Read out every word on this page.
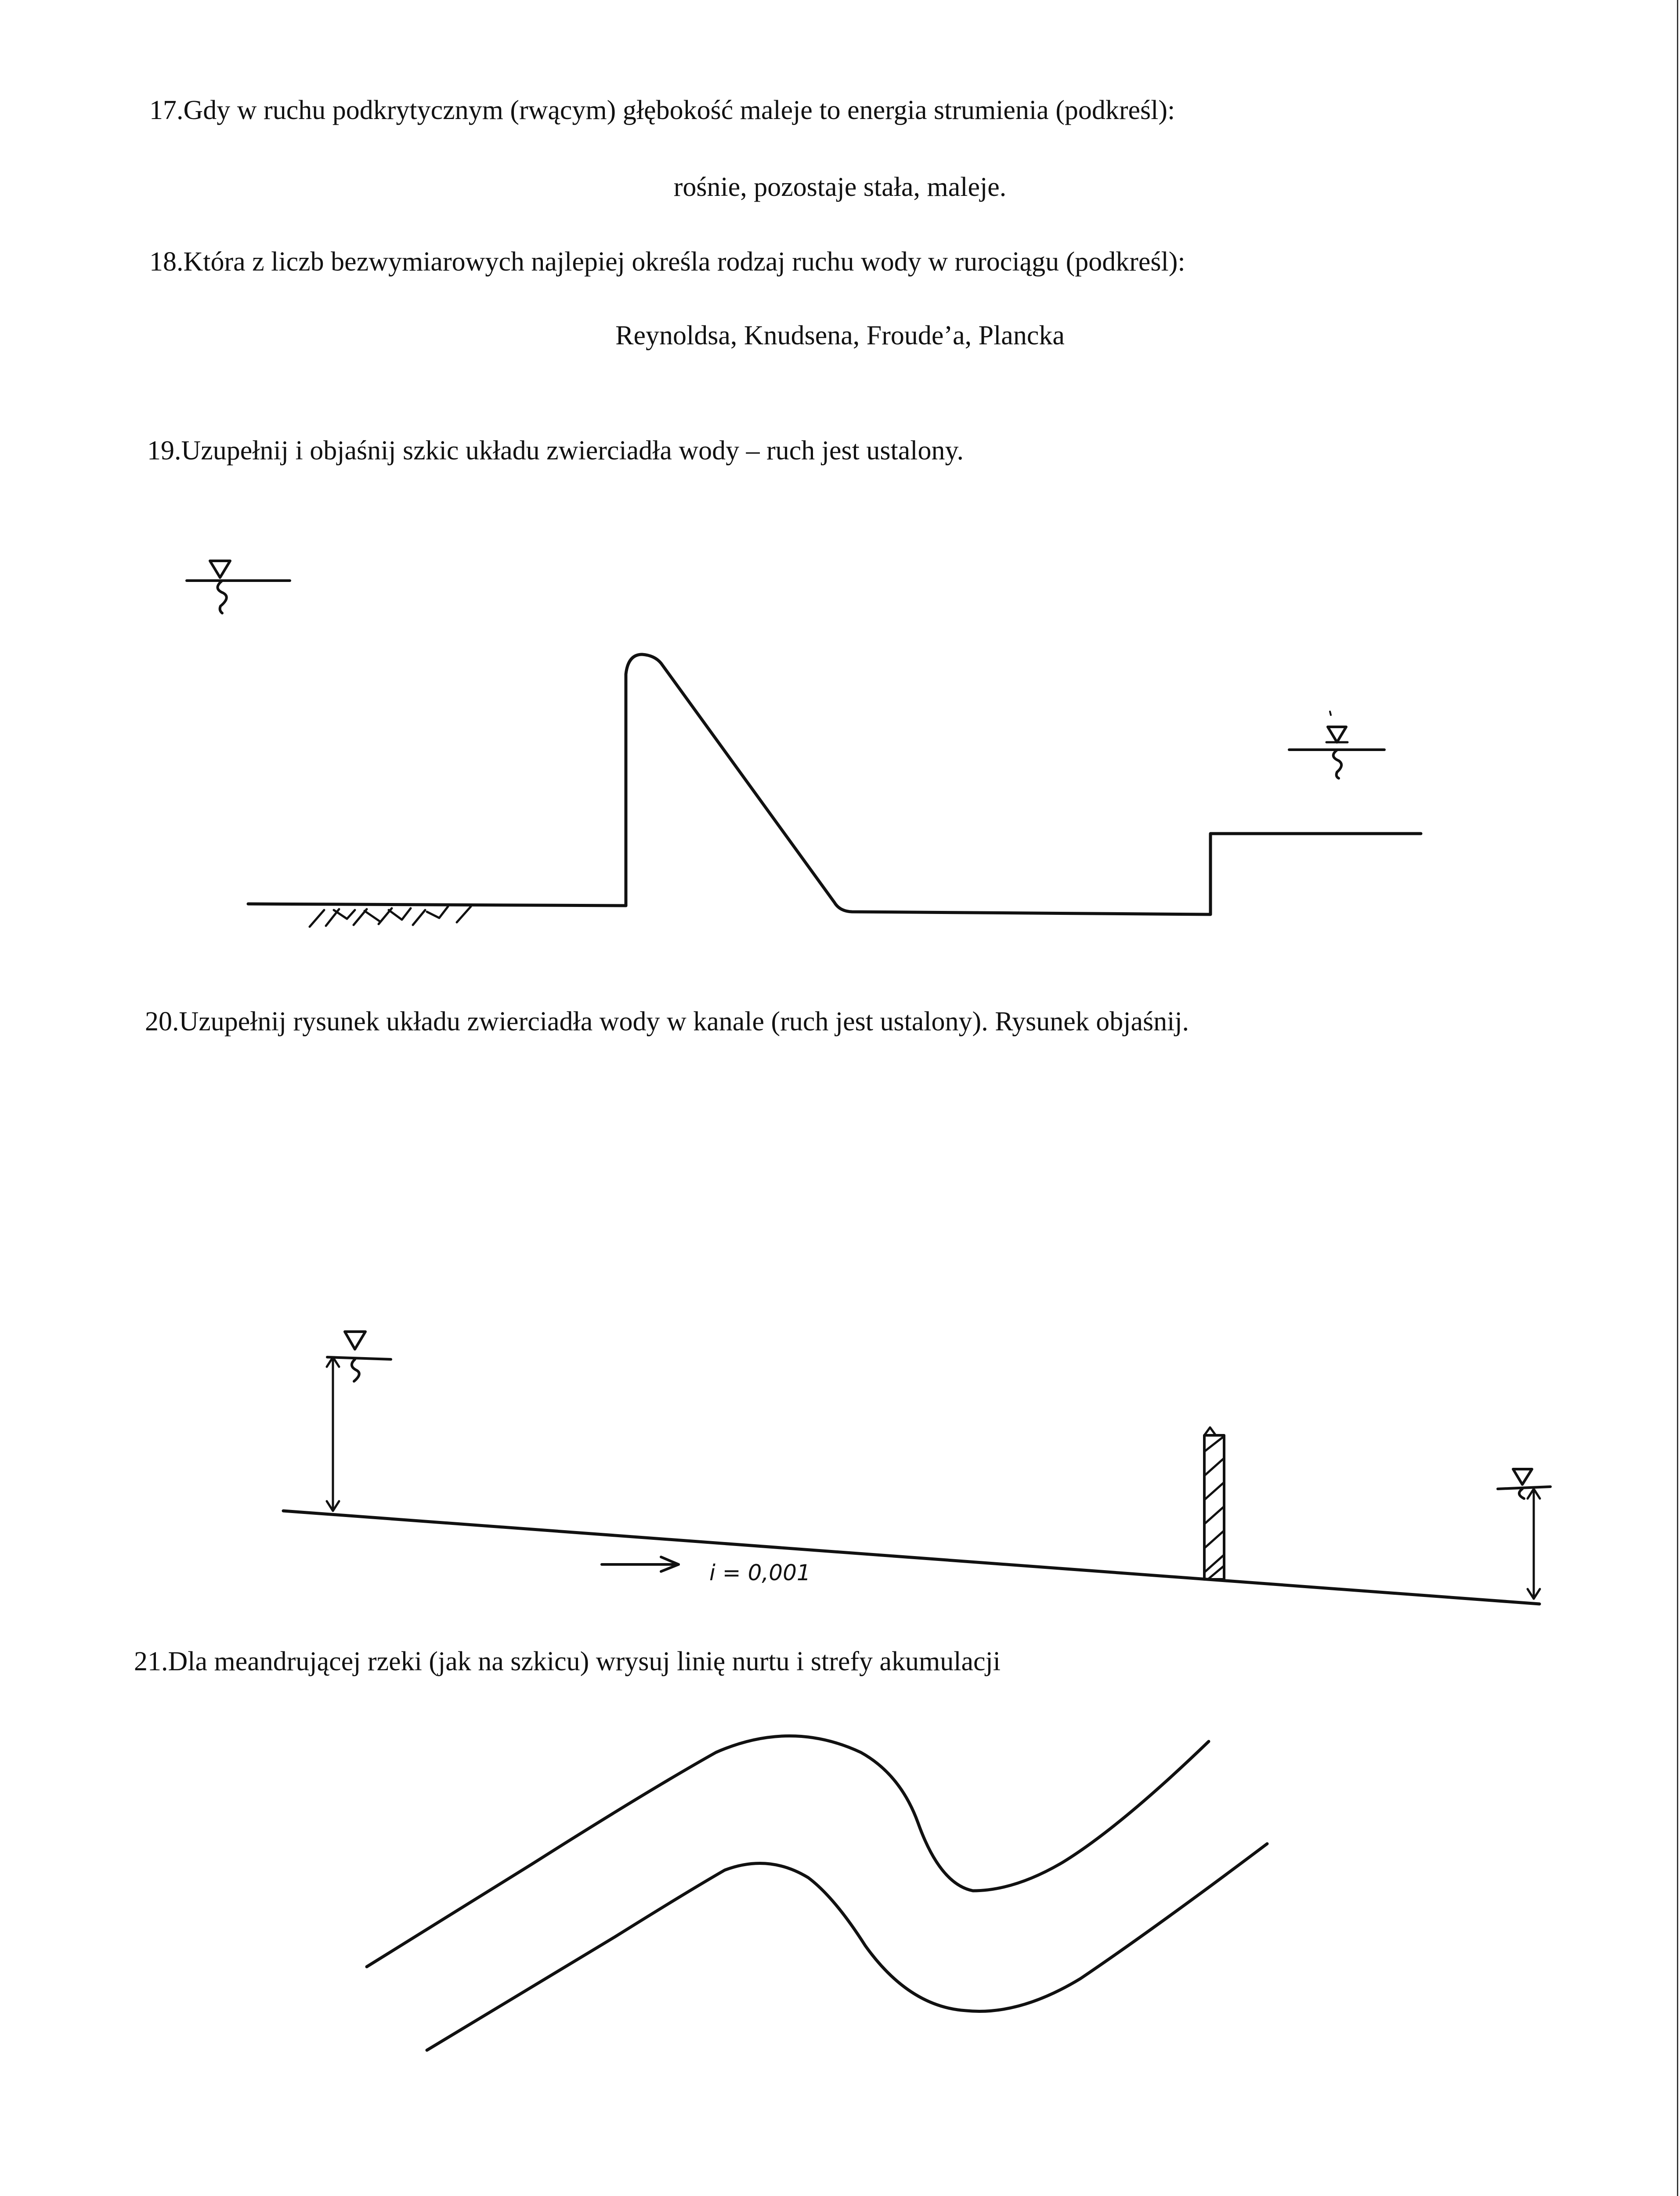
17.Gdy w ruchu podkrytycznym (rwącym) głębokość maleje to energia strumienia (podkreśl):

rośnie, pozostaje stała, maleje.

18.Która z liczb bezwymiarowych najlepiej określa rodzaj ruchu wody w rurociągu (podkreśl):

Reynoldsa, Knudsena, Froude’a, Plancka

19.Uzupełnij i objaśnij szkic układu zwierciadła wody – ruch jest ustalony.

20.Uzupełnij rysunek układu zwierciadła wody w kanale (ruch jest ustalony). Rysunek objaśnij.

i = 0,001

21.Dla meandrującej rzeki (jak na szkicu) wrysuj linię nurtu i strefy akumulacji
